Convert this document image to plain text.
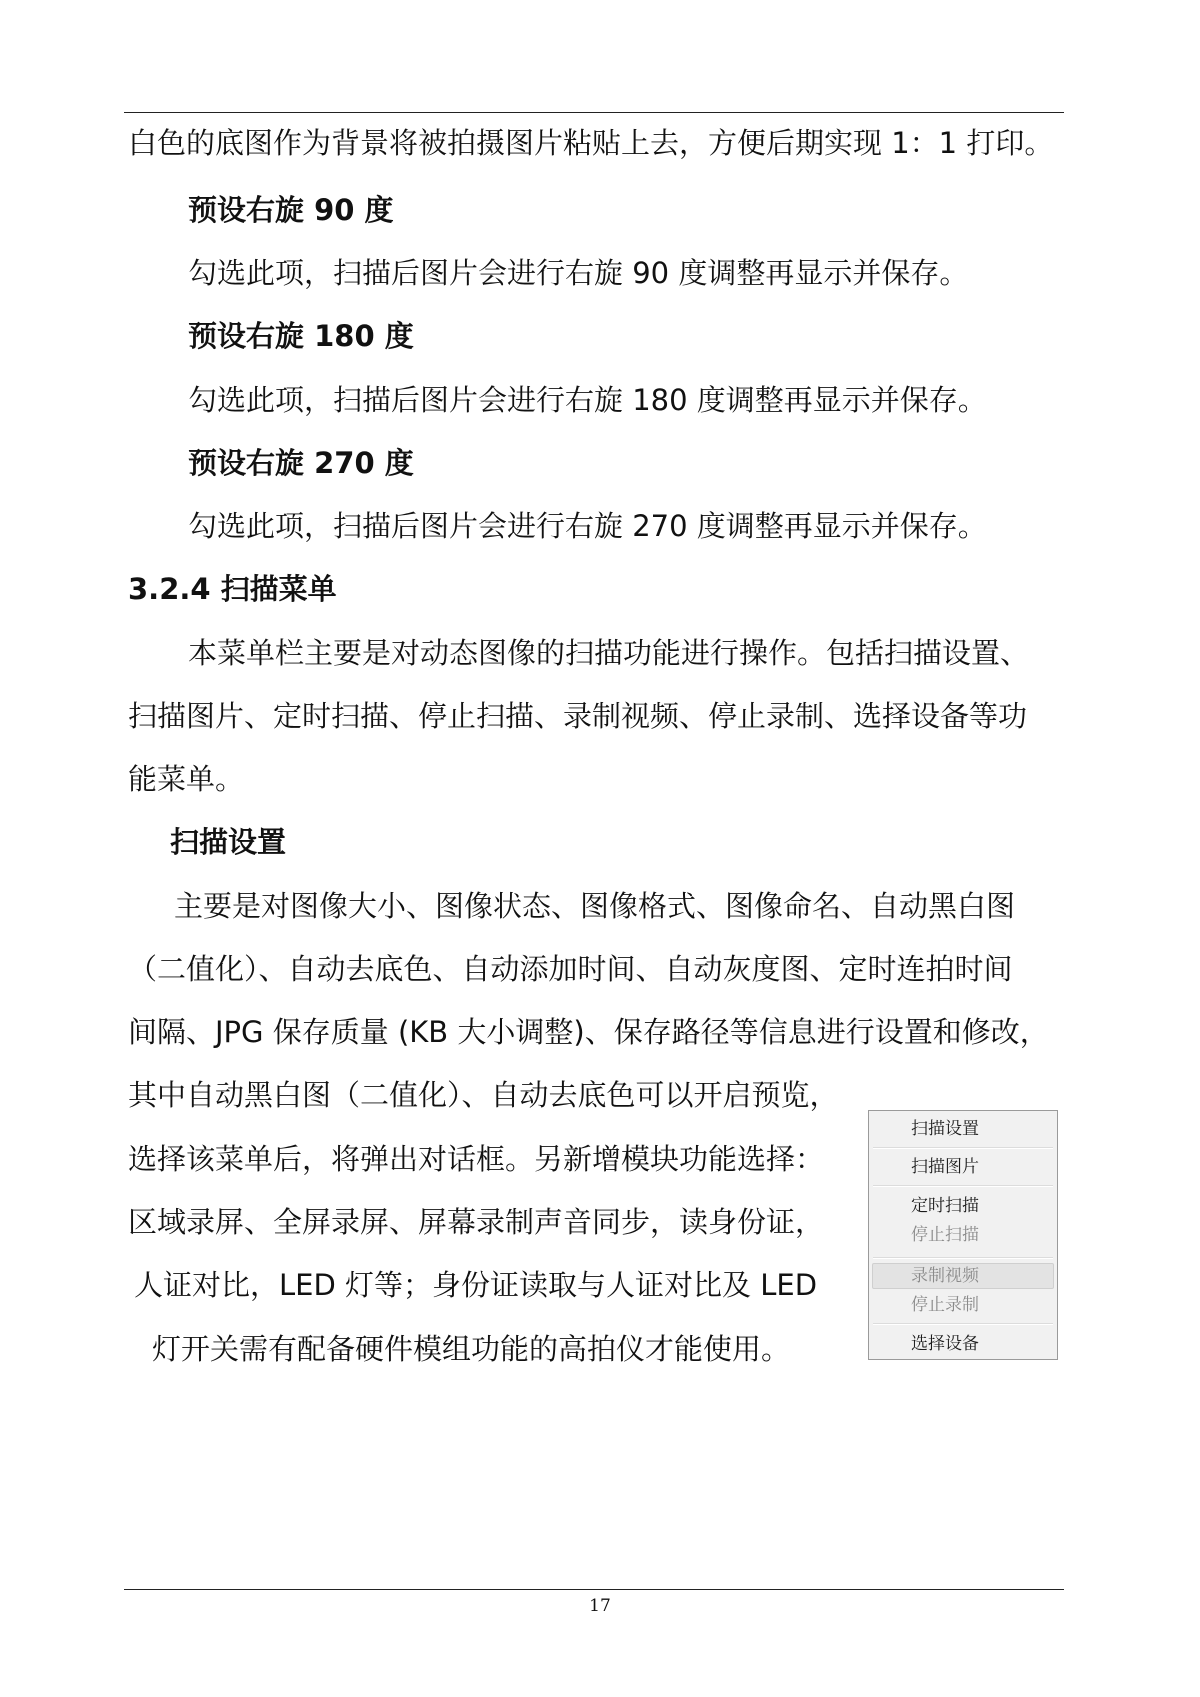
白色的底图作为背景将被拍摄图片粘贴上去，方便后期实现 1：1 打印。
预设右旋 90 度
勾选此项，扫描后图片会进行右旋 90 度调整再显示并保存。
预设右旋 180 度
勾选此项，扫描后图片会进行右旋 180 度调整再显示并保存。
预设右旋 270 度
勾选此项，扫描后图片会进行右旋 270 度调整再显示并保存。
3.2.4 扫描菜单
本菜单栏主要是对动态图像的扫描功能进行操作。包括扫描设置、
扫描图片、定时扫描、停止扫描、录制视频、停止录制、选择设备等功
能菜单。
扫描设置
主要是对图像大小、图像状态、图像格式、图像命名、自动黑白图
（二值化）、自动去底色、自动添加时间、自动灰度图、定时连拍时间
间隔、JPG 保存质量 (KB 大小调整)、保存路径等信息进行设置和修改，
其中自动黑白图（二值化）、自动去底色可以开启预览，
选择该菜单后，将弹出对话框。另新增模块功能选择：
区域录屏、全屏录屏、屏幕录制声音同步，读身份证，
人证对比，LED 灯等；身份证读取与人证对比及 LED
灯开关需有配备硬件模组功能的高拍仪才能使用。
扫描设置
扫描图片
定时扫描
停止扫描
录制视频
停止录制
选择设备
17
